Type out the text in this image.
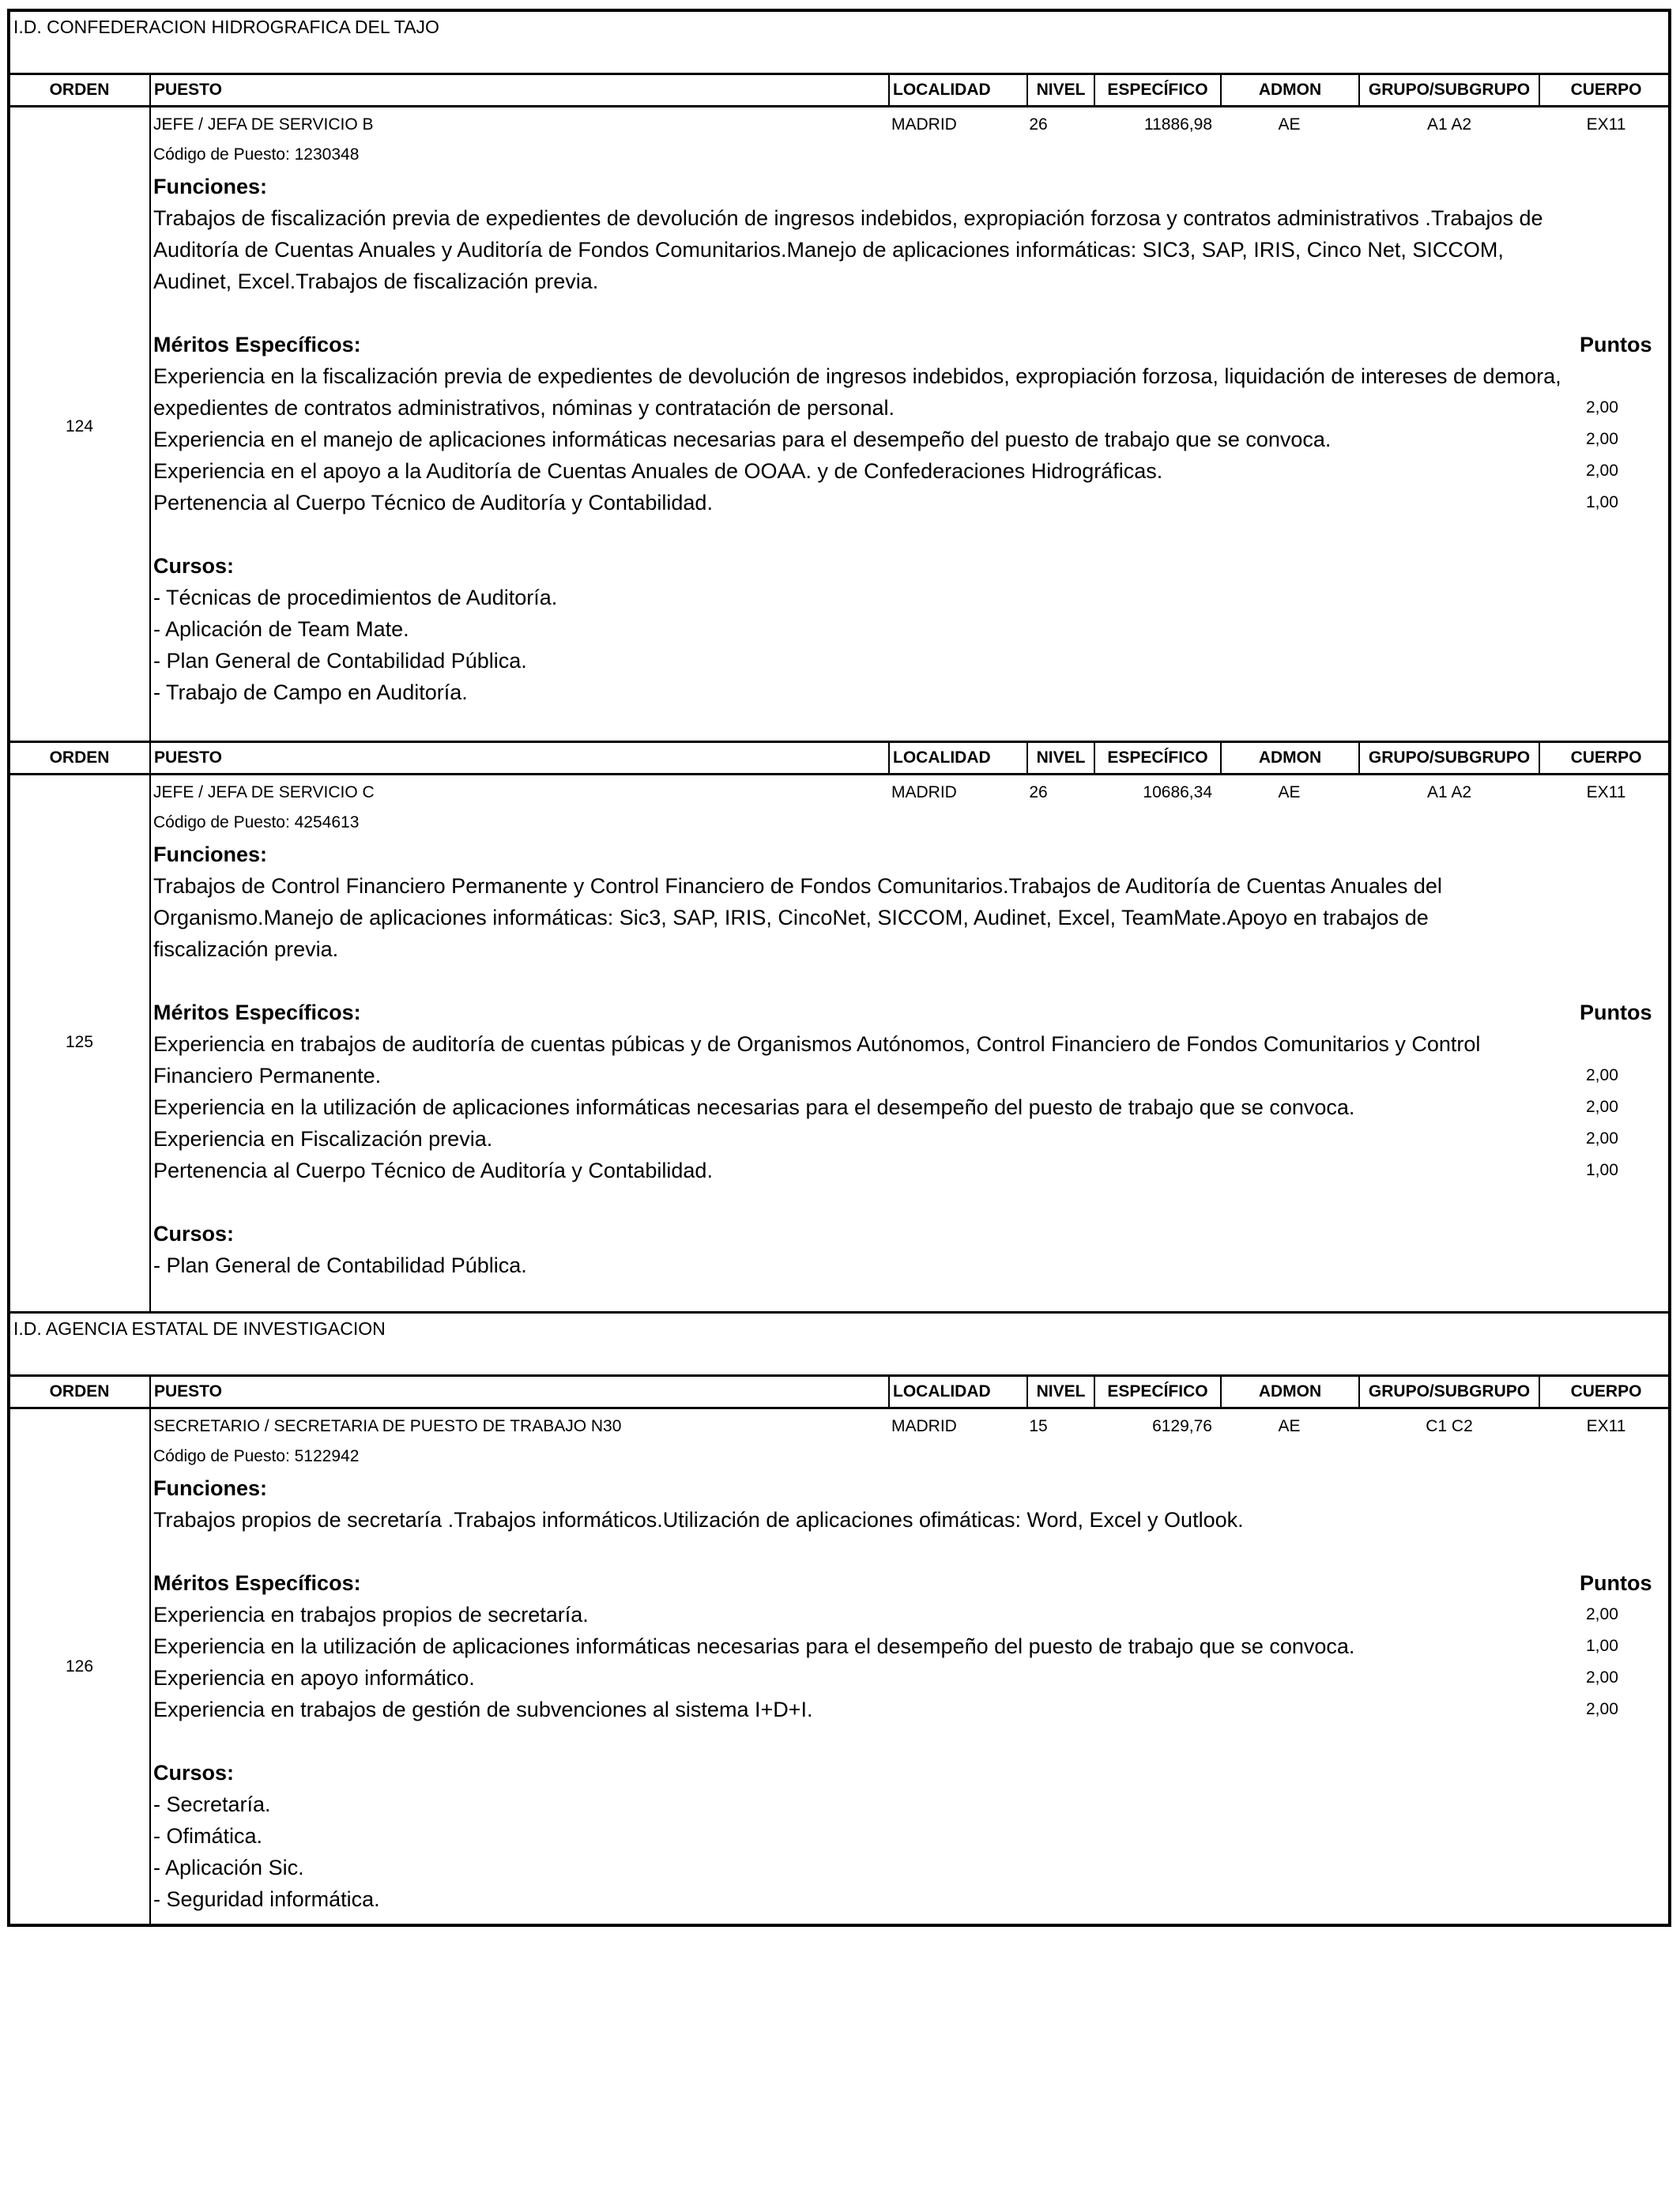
I.D. CONFEDERACION HIDROGRAFICA DEL TAJO
ORDEN	PUESTO	LOCALIDAD	NIVEL	ESPECÍFICO	ADMON	GRUPO/SUBGRUPO	CUERPO
124
JEFE / JEFA DE SERVICIO B	MADRID	26	11886,98	AE	A1 A2	EX11
Código de Puesto: 1230348
Funciones:
Trabajos de fiscalización previa de expedientes de devolución de ingresos indebidos, expropiación forzosa y contratos administrativos .Trabajos de Auditoría de Cuentas Anuales y Auditoría de Fondos Comunitarios.Manejo de aplicaciones informáticas: SIC3, SAP, IRIS, Cinco Net, SICCOM, Audinet, Excel.Trabajos de fiscalización previa.
Méritos Específicos:	Puntos
Experiencia en la fiscalización previa de expedientes de devolución de ingresos indebidos, expropiación forzosa, liquidación de intereses de demora, expedientes de contratos administrativos, nóminas y contratación de personal.	2,00
Experiencia en el manejo de aplicaciones informáticas necesarias para el desempeño del puesto de trabajo que se convoca.	2,00
Experiencia en el apoyo a la Auditoría de Cuentas Anuales de OOAA. y de Confederaciones Hidrográficas.	2,00
Pertenencia al Cuerpo Técnico de Auditoría y Contabilidad.	1,00
Cursos:
- Técnicas de procedimientos de Auditoría.
- Aplicación de Team Mate.
- Plan General de Contabilidad Pública.
- Trabajo de Campo en Auditoría.
ORDEN	PUESTO	LOCALIDAD	NIVEL	ESPECÍFICO	ADMON	GRUPO/SUBGRUPO	CUERPO
125
JEFE / JEFA DE SERVICIO C	MADRID	26	10686,34	AE	A1 A2	EX11
Código de Puesto: 4254613
Funciones:
Trabajos de Control Financiero Permanente y Control Financiero de Fondos Comunitarios.Trabajos de Auditoría de Cuentas Anuales del Organismo.Manejo de aplicaciones informáticas: Sic3, SAP, IRIS, CincoNet, SICCOM, Audinet, Excel, TeamMate.Apoyo en trabajos de fiscalización previa.
Méritos Específicos:	Puntos
Experiencia en trabajos de auditoría de cuentas púbicas y de Organismos Autónomos, Control Financiero de Fondos Comunitarios y Control Financiero Permanente.	2,00
Experiencia en la utilización de aplicaciones informáticas necesarias para el desempeño del puesto de trabajo que se convoca.	2,00
Experiencia en Fiscalización previa.	2,00
Pertenencia al Cuerpo Técnico de Auditoría y Contabilidad.	1,00
Cursos:
- Plan General de Contabilidad Pública.
I.D. AGENCIA ESTATAL DE INVESTIGACION
ORDEN	PUESTO	LOCALIDAD	NIVEL	ESPECÍFICO	ADMON	GRUPO/SUBGRUPO	CUERPO
126
SECRETARIO / SECRETARIA DE PUESTO DE TRABAJO N30	MADRID	15	6129,76	AE	C1 C2	EX11
Código de Puesto: 5122942
Funciones:
Trabajos propios de secretaría .Trabajos informáticos.Utilización de aplicaciones ofimáticas: Word, Excel y Outlook.
Méritos Específicos:	Puntos
Experiencia en trabajos propios de secretaría.	2,00
Experiencia en la utilización de aplicaciones informáticas necesarias para el desempeño del puesto de trabajo que se convoca.	1,00
Experiencia en apoyo informático.	2,00
Experiencia en trabajos de gestión de subvenciones al sistema I+D+I.	2,00
Cursos:
- Secretaría.
- Ofimática.
- Aplicación Sic.
- Seguridad informática.
